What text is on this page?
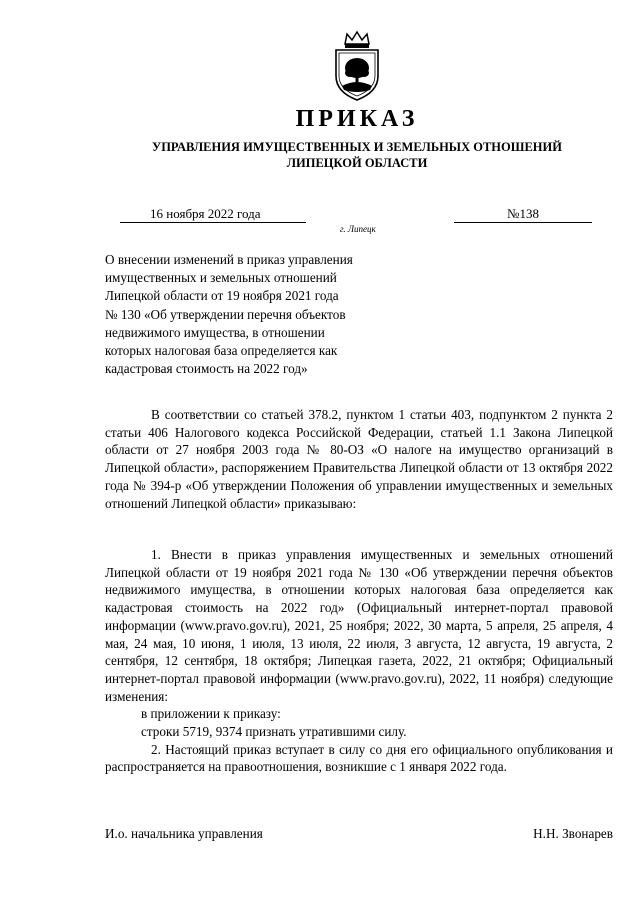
ПРИКАЗ
УПРАВЛЕНИЯ ИМУЩЕСТВЕННЫХ И ЗЕМЕЛЬНЫХ ОТНОШЕНИЙ
ЛИПЕЦКОЙ ОБЛАСТИ
16 ноября 2022 года
г. Липецк
№138
О внесении изменений в приказ управления
имущественных и земельных отношений
Липецкой области от 19 ноября 2021 года
№ 130 «Об утверждении перечня объектов
недвижимого имущества, в отношении
которых налоговая база определяется как
кадастровая стоимость на 2022 год»

В соответствии со статьей 378.2, пунктом 1 статьи 403, подпунктом 2 пункта 2 статьи 406 Налогового кодекса Российской Федерации, статьей 1.1 Закона Липецкой области от 27 ноября 2003 года № 80-ОЗ «О налоге на имущество организаций в Липецкой области», распоряжением Правительства Липецкой области от 13 октября 2022 года № 394-р «Об утверждении Положения об управлении имущественных и земельных отношений Липецкой области» приказываю:

1. Внести в приказ управления имущественных и земельных отношений Липецкой области от 19 ноября 2021 года № 130 «Об утверждении перечня объектов недвижимого имущества, в отношении которых налоговая база определяется как кадастровая стоимость на 2022 год» (Официальный интернет-портал правовой информации (www.pravo.gov.ru), 2021, 25 ноября; 2022, 30 марта, 5 апреля, 25 апреля, 4 мая, 24 мая, 10 июня, 1 июля, 13 июля, 22 июля, 3 августа, 12 августа, 19 августа, 2 сентября, 12 сентября, 18 октября; Липецкая газета, 2022, 21 октября; Официальный интернет-портал правовой информации (www.pravo.gov.ru), 2022, 11 ноября) следующие изменения:

в приложении к приказу:

строки 5719, 9374 признать утратившими силу.

2. Настоящий приказ вступает в силу со дня его официального опубликования и распространяется на правоотношения, возникшие с 1 января 2022 года.

И.о. начальника управления	Н.Н. Звонарев
